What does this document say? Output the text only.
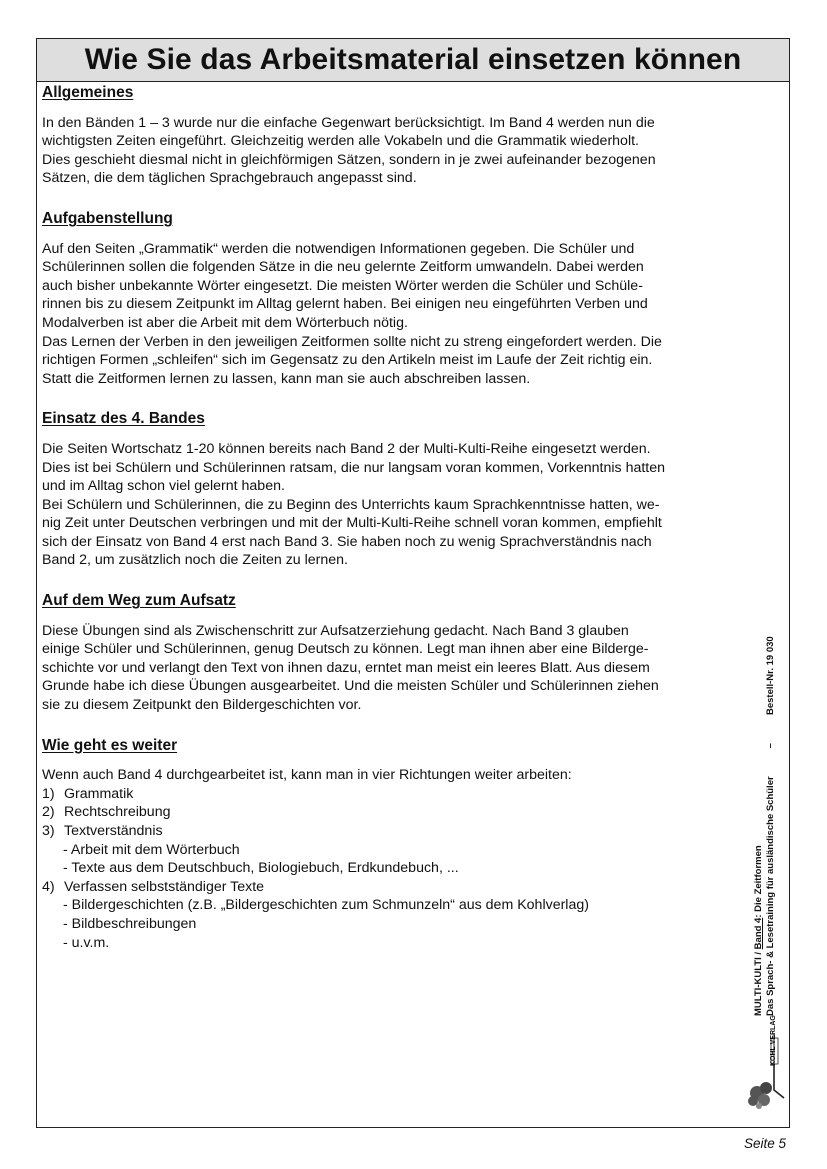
Wie Sie das Arbeitsmaterial einsetzen können
Allgemeines
In den Bänden 1 – 3 wurde nur die einfache Gegenwart berücksichtigt. Im Band 4 werden nun die
wichtigsten Zeiten eingeführt. Gleichzeitig werden alle Vokabeln und die Grammatik wiederholt.
Dies geschieht diesmal nicht in gleichförmigen Sätzen, sondern in je zwei aufeinander bezogenen
Sätzen, die dem täglichen Sprachgebrauch angepasst sind.
Aufgabenstellung
Auf den Seiten „Grammatik“ werden die notwendigen Informationen gegeben. Die Schüler und
Schülerinnen sollen die folgenden Sätze in die neu gelernte Zeitform umwandeln. Dabei werden
auch bisher unbekannte Wörter eingesetzt. Die meisten Wörter werden die Schüler und Schüle-
rinnen bis zu diesem Zeitpunkt im Alltag gelernt haben. Bei einigen neu eingeführten Verben und
Modalverben ist aber die Arbeit mit dem Wörterbuch nötig.
Das Lernen der Verben in den jeweiligen Zeitformen sollte nicht zu streng eingefordert werden. Die
richtigen Formen „schleifen“ sich im Gegensatz zu den Artikeln meist im Laufe der Zeit richtig ein.
Statt die Zeitformen lernen zu lassen, kann man sie auch abschreiben lassen.
Einsatz des 4. Bandes
Die Seiten Wortschatz 1-20 können bereits nach Band 2 der Multi-Kulti-Reihe eingesetzt werden.
Dies ist bei Schülern und Schülerinnen ratsam, die nur langsam voran kommen, Vorkenntnis hatten
und im Alltag schon viel gelernt haben.
Bei Schülern und Schülerinnen, die zu Beginn des Unterrichts kaum Sprachkenntnisse hatten, we-
nig Zeit unter Deutschen verbringen und mit der Multi-Kulti-Reihe schnell voran kommen, empfiehlt
sich der Einsatz von Band 4 erst nach Band 3. Sie haben noch zu wenig Sprachverständnis nach
Band 2, um zusätzlich noch die Zeiten zu lernen.
Auf dem Weg zum Aufsatz
Diese Übungen sind als Zwischenschritt zur Aufsatzerziehung gedacht. Nach Band 3 glauben
einige Schüler und Schülerinnen, genug Deutsch zu können. Legt man ihnen aber eine Bilderge-
schichte vor und verlangt den Text von ihnen dazu, erntet man meist ein leeres Blatt. Aus diesem
Grunde habe ich diese Übungen ausgearbeitet. Und die meisten Schüler und Schülerinnen ziehen
sie zu diesem Zeitpunkt den Bildergeschichten vor.
Wie geht es weiter
Wenn auch Band 4 durchgearbeitet ist, kann man in vier Richtungen weiter arbeiten:
1) Grammatik
2) Rechtschreibung
3) Textverständnis
- Arbeit mit dem Wörterbuch
- Texte aus dem Deutschbuch, Biologiebuch, Erdkundebuch, ...
4) Verfassen selbstständiger Texte
- Bildergeschichten (z.B. „Bildergeschichten zum Schmunzeln“ aus dem Kohlverlag)
- Bildbeschreibungen
- u.v.m.
MULTI-KULTI / Band 4: Die Zeitformen Das Sprach- & Lesetraining für ausländische Schüler–Bestell-Nr. 19 030
KOHL VERLAG
Seite 5
